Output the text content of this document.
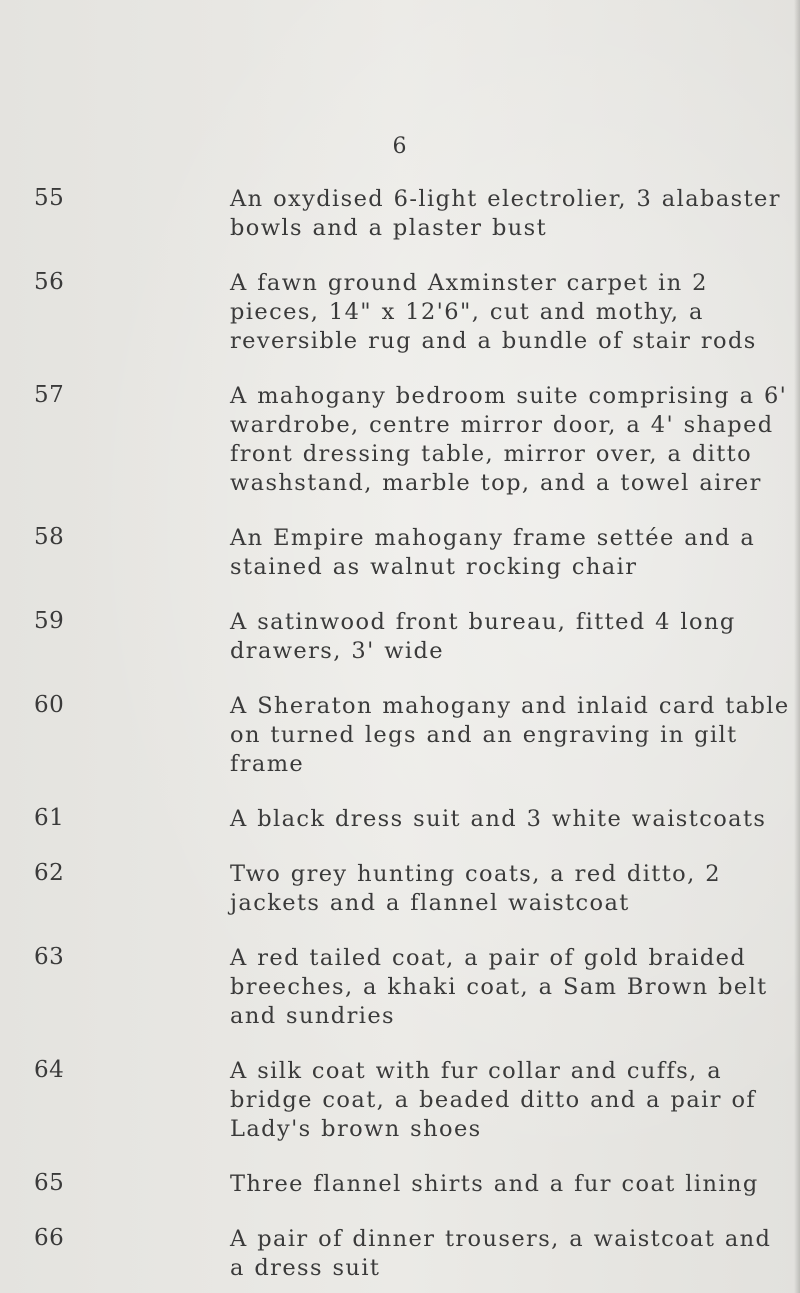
6
55	An oxydised 6-light electrolier, 3 alabaster bowls and a plaster bust
56	A fawn ground Axminster carpet in 2 pieces, 14" x 12'6", cut and mothy, a reversible rug and a bundle of stair rods
57	A mahogany bedroom suite comprising a 6' wardrobe, centre mirror door, a 4' shaped front dressing table, mirror over, a ditto washstand, marble top, and a towel airer
58	An Empire mahogany frame settée and a stained as walnut rocking chair
59	A satinwood front bureau, fitted 4 long drawers, 3' wide
60	A Sheraton mahogany and inlaid card table on turned legs and an engraving in gilt frame
61	A black dress suit and 3 white waistcoats
62	Two grey hunting coats, a red ditto, 2 jackets and a flannel waistcoat
63	A red tailed coat, a pair of gold braided breeches, a khaki coat, a Sam Brown belt and sundries
64	A silk coat with fur collar and cuffs, a bridge coat, a beaded ditto and a pair of Lady's brown shoes
65	Three flannel shirts and a fur coat lining
66	A pair of dinner trousers, a waistcoat and a dress suit
